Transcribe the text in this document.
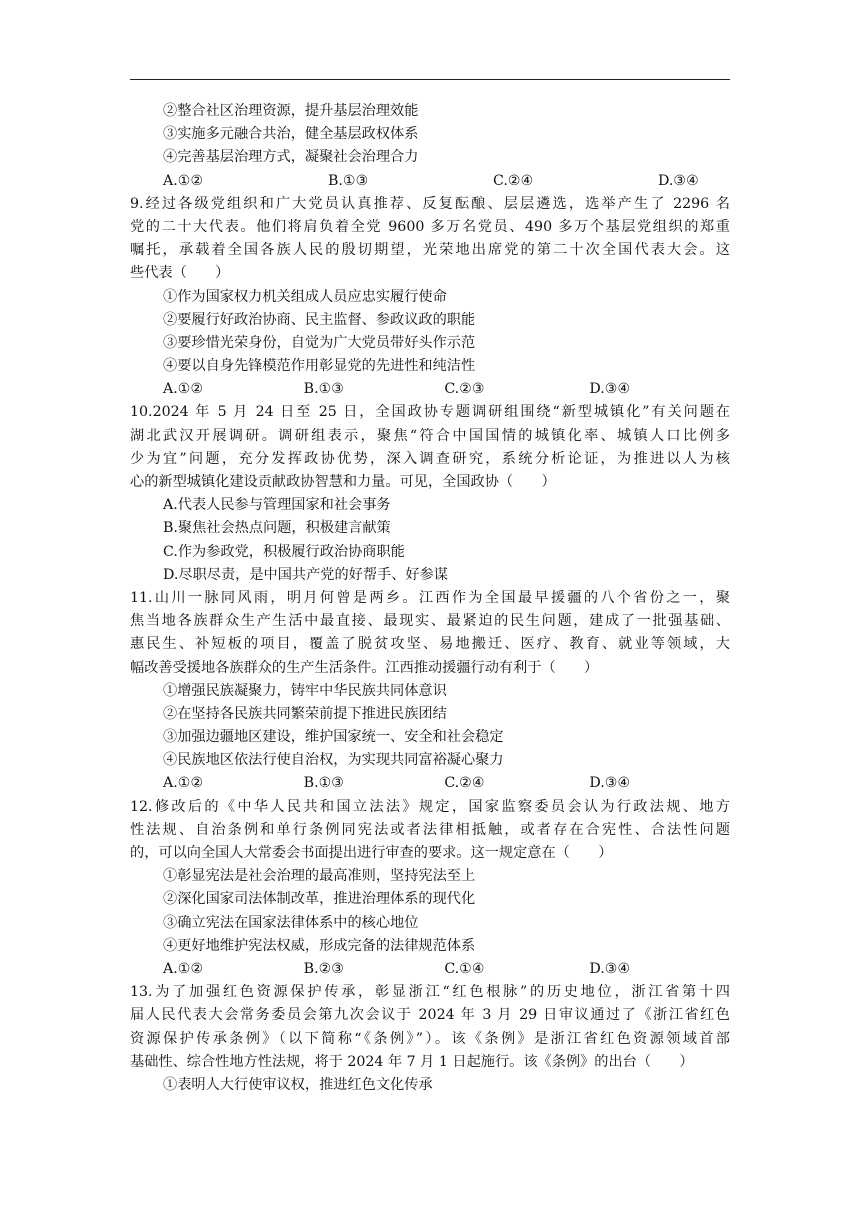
②整合社区治理资源，提升基层治理效能
③实施多元融合共治，健全基层政权体系
④完善基层治理方式，凝聚社会治理合力
A.①②	B.①③	C.②④	D.③④
9.经过各级党组织和广大党员认真推荐、反复酝酿、层层遴选，选举产生了 2296 名
党的二十大代表。他们将肩负着全党 9600 多万名党员、490 多万个基层党组织的郑重
嘱托，承载着全国各族人民的殷切期望，光荣地出席党的第二十次全国代表大会。这
些代表（　　）
①作为国家权力机关组成人员应忠实履行使命
②要履行好政治协商、民主监督、参政议政的职能
③要珍惜光荣身份，自觉为广大党员带好头作示范
④要以自身先锋模范作用彰显党的先进性和纯洁性
A.①②	B.①③	C.②③	D.③④
10.2024 年 5 月 24 日至 25 日，全国政协专题调研组围绕“新型城镇化”有关问题在
湖北武汉开展调研。调研组表示，聚焦“符合中国国情的城镇化率、城镇人口比例多
少为宜”问题，充分发挥政协优势，深入调查研究，系统分析论证，为推进以人为核
心的新型城镇化建设贡献政协智慧和力量。可见，全国政协（　　）
A.代表人民参与管理国家和社会事务
B.聚焦社会热点问题，积极建言献策
C.作为参政党，积极履行政治协商职能
D.尽职尽责，是中国共产党的好帮手、好参谋
11.山川一脉同风雨，明月何曾是两乡。江西作为全国最早援疆的八个省份之一，聚
焦当地各族群众生产生活中最直接、最现实、最紧迫的民生问题，建成了一批强基础、
惠民生、补短板的项目，覆盖了脱贫攻坚、易地搬迁、医疗、教育、就业等领域，大
幅改善受援地各族群众的生产生活条件。江西推动援疆行动有利于（　　）
①增强民族凝聚力，铸牢中华民族共同体意识
②在坚持各民族共同繁荣前提下推进民族团结
③加强边疆地区建设，维护国家统一、安全和社会稳定
④民族地区依法行使自治权，为实现共同富裕凝心聚力
A.①②	B.①③	C.②④	D.③④
12.修改后的《中华人民共和国立法法》规定，国家监察委员会认为行政法规、地方
性法规、自治条例和单行条例同宪法或者法律相抵触，或者存在合宪性、合法性问题
的，可以向全国人大常委会书面提出进行审查的要求。这一规定意在（　　）
①彰显宪法是社会治理的最高准则，坚持宪法至上
②深化国家司法体制改革，推进治理体系的现代化
③确立宪法在国家法律体系中的核心地位
④更好地维护宪法权威，形成完备的法律规范体系
A.①②	B.②③	C.①④	D.③④
13.为了加强红色资源保护传承，彰显浙江“红色根脉”的历史地位，浙江省第十四
届人民代表大会常务委员会第九次会议于 2024 年 3 月 29 日审议通过了《浙江省红色
资源保护传承条例》（以下简称“《条例》”）。该《条例》是浙江省红色资源领域首部
基础性、综合性地方性法规，将于 2024 年 7 月 1 日起施行。该《条例》的出台（　　）
①表明人大行使审议权，推进红色文化传承
